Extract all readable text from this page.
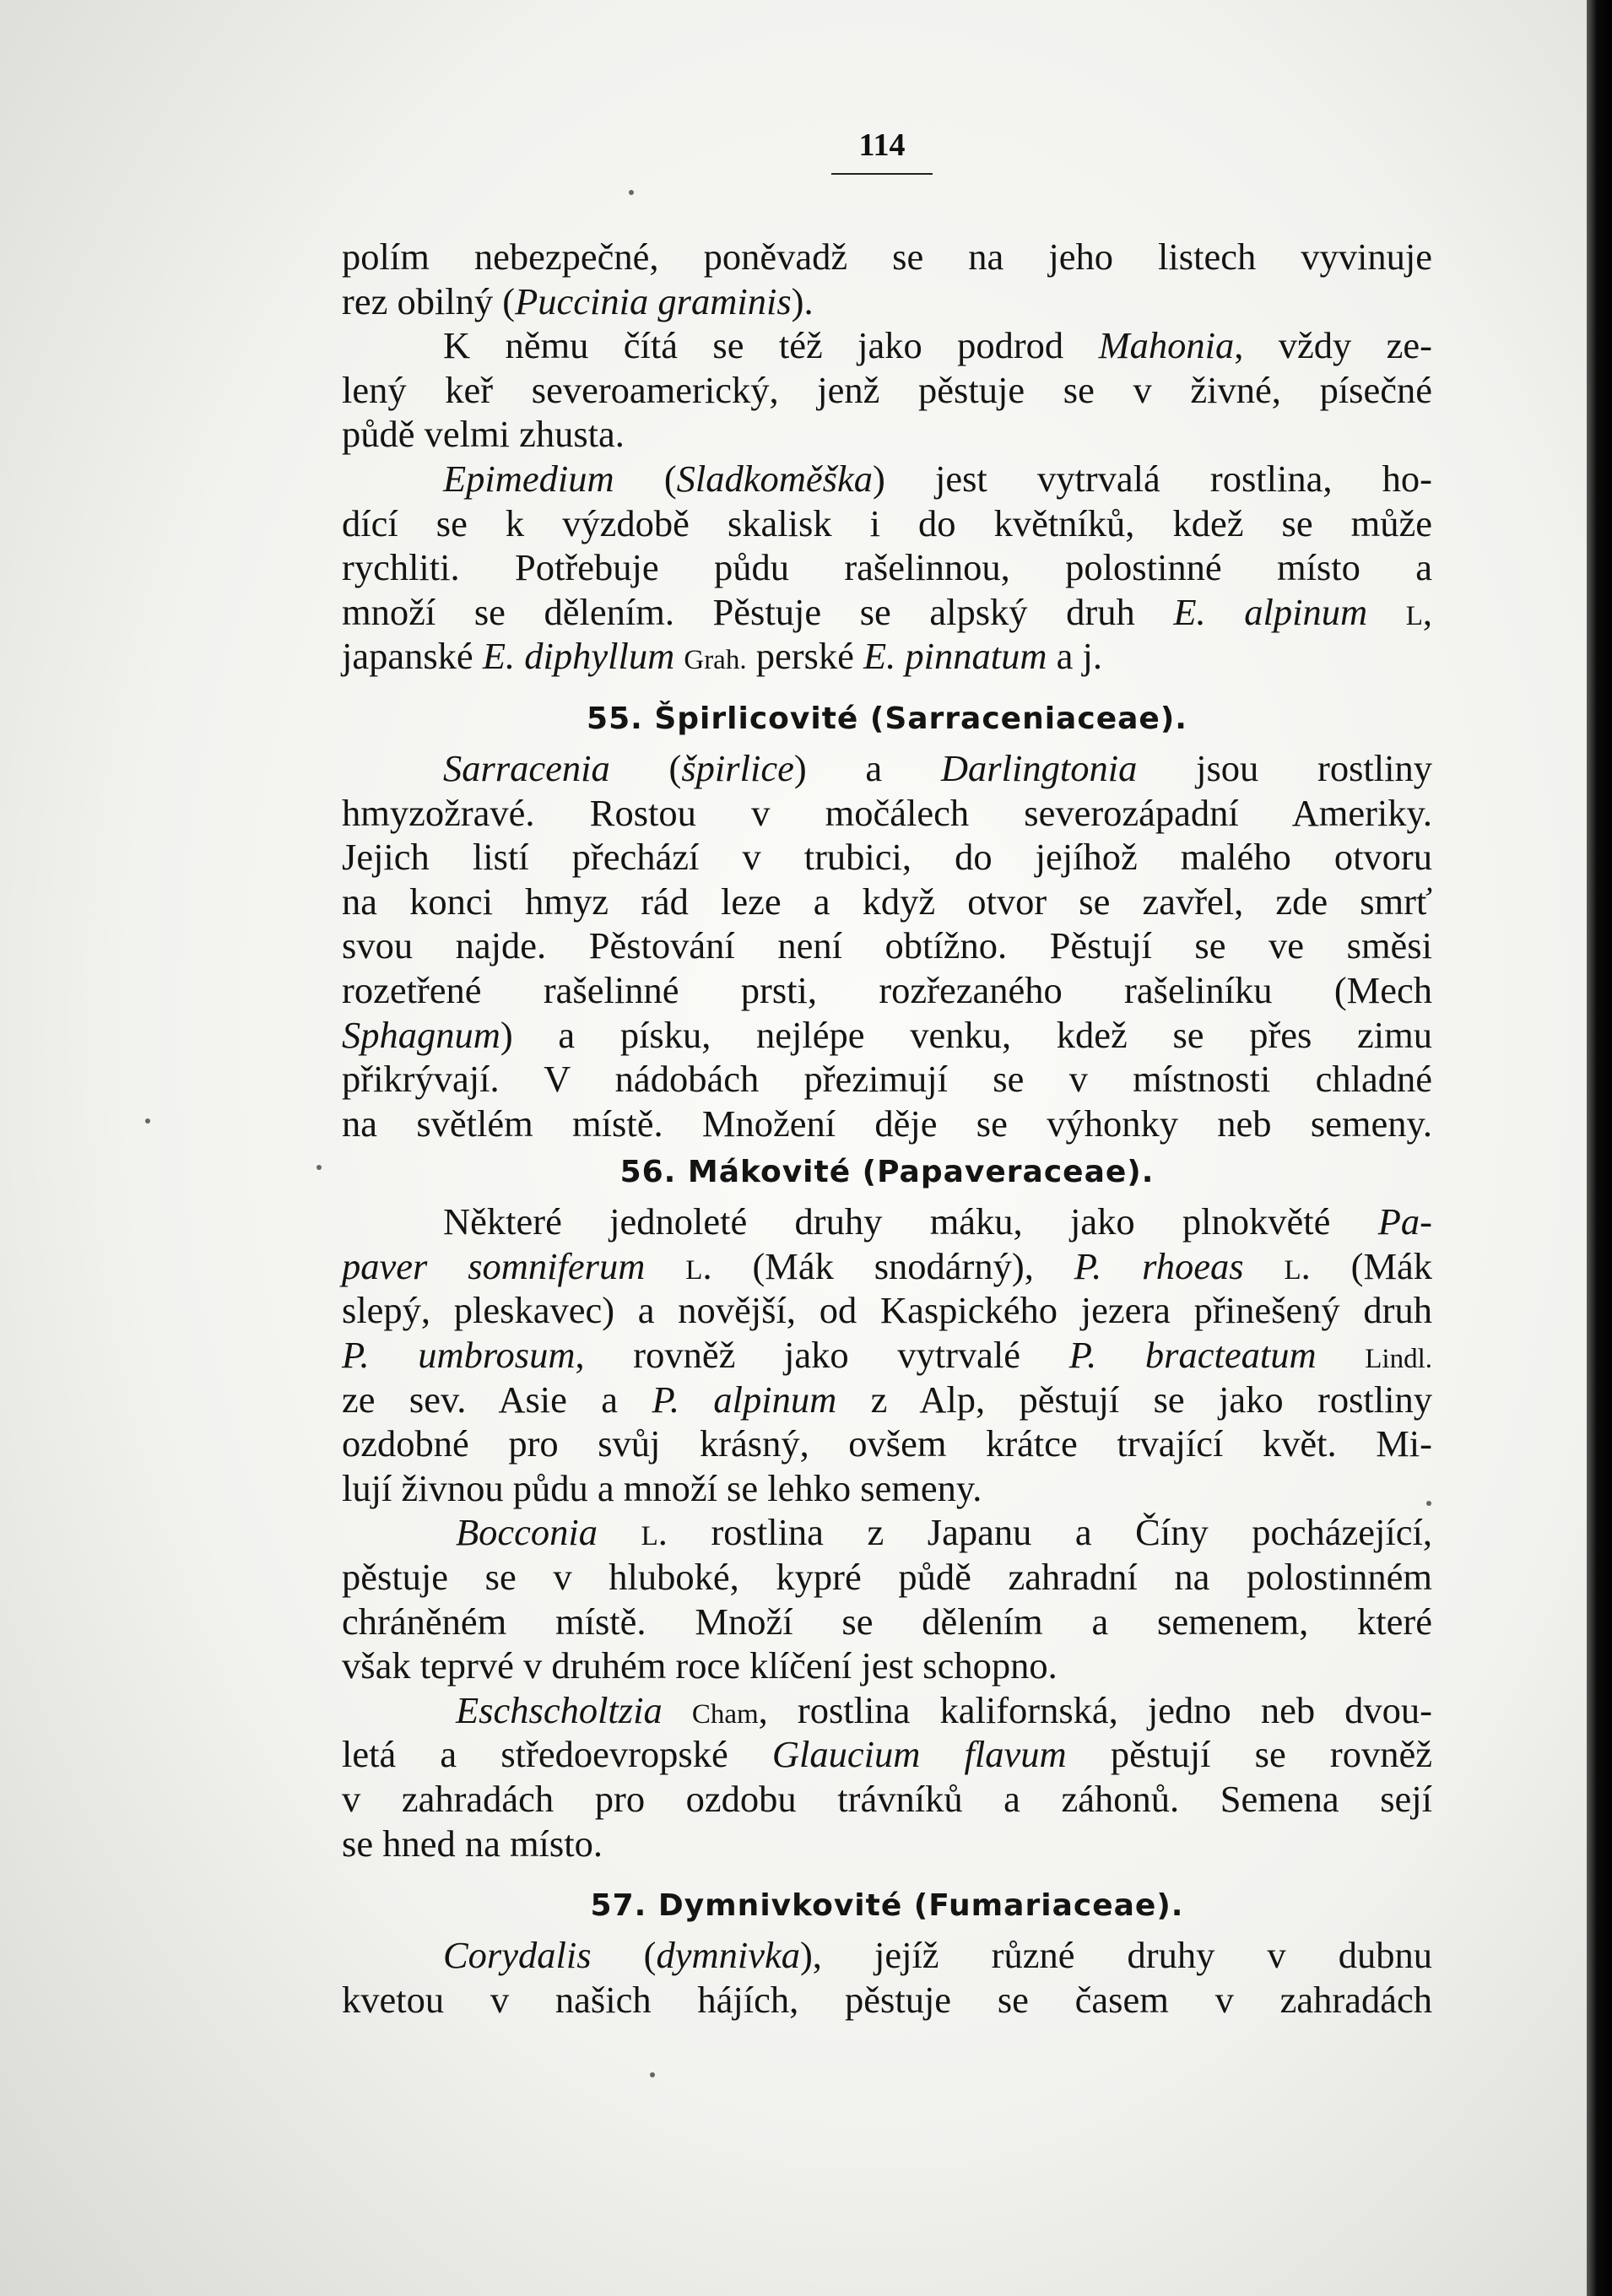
114
polím nebezpečné, poněvadž se na jeho listech vyvinuje
rez obilný (Puccinia graminis).
K němu čítá se též jako podrod Mahonia, vždy ze-
lený keř severoamerický, jenž pěstuje se v živné, písečné
půdě velmi zhusta.
Epimedium (Sladkoměška) jest vytrvalá rostlina, ho-
dící se k výzdobě skalisk i do květníků, kdež se může
rychliti. Potřebuje půdu rašelinnou, polostinné místo a
množí se dělením. Pěstuje se alpský druh E. alpinum L,
japanské E. diphyllum Grah. perské E. pinnatum a j.
55. Špirlicovité (Sarraceniaceae).
Sarracenia (špirlice) a Darlingtonia jsou rostliny
hmyzožravé. Rostou v močálech severozápadní Ameriky.
Jejich listí přechází v trubici, do jejíhož malého otvoru
na konci hmyz rád leze a když otvor se zavřel, zde smrť
svou najde. Pěstování není obtížno. Pěstují se ve směsi
rozetřené rašelinné prsti, rozřezaného rašeliníku (Mech
Sphagnum) a písku, nejlépe venku, kdež se přes zimu
přikrývají. V nádobách přezimují se v místnosti chladné
na světlém místě. Množení děje se výhonky neb semeny.
56. Mákovité (Papaveraceae).
Některé jednoleté druhy máku, jako plnokvěté Pa-
paver somniferum L. (Mák snodárný), P. rhoeas L. (Mák
slepý, pleskavec) a novější, od Kaspického jezera přinešený druh
P. umbrosum, rovněž jako vytrvalé P. bracteatum Lindl.
ze sev. Asie a P. alpinum z Alp, pěstují se jako rostliny
ozdobné pro svůj krásný, ovšem krátce trvající květ. Mi-
lují živnou půdu a množí se lehko semeny.
Bocconia L. rostlina z Japanu a Číny pocházející,
pěstuje se v hluboké, kypré půdě zahradní na polostinném
chráněném místě. Množí se dělením a semenem, které
však teprvé v druhém roce klíčení jest schopno.
Eschscholtzia Cham, rostlina kalifornská, jedno neb dvou-
letá a středoevropské Glaucium flavum pěstují se rovněž
v zahradách pro ozdobu trávníků a záhonů. Semena sejí
se hned na místo.
57. Dymnivkovité (Fumariaceae).
Corydalis (dymnivka), jejíž různé druhy v dubnu
kvetou v našich hájích, pěstuje se časem v zahradách
